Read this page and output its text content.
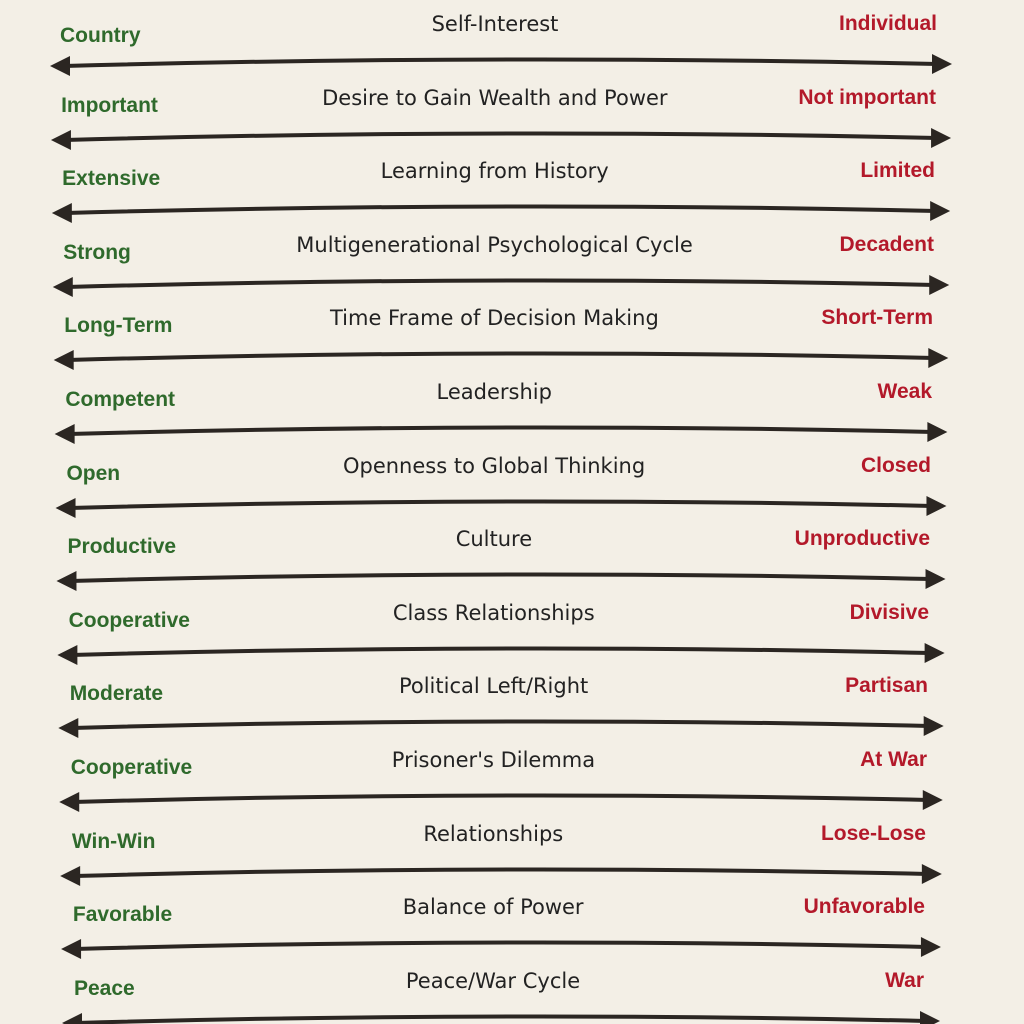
Country	Self-Interest	Individual
Important	Desire to Gain Wealth and Power	Not important
Extensive	Learning from History	Limited
Strong	Multigenerational Psychological Cycle	Decadent
Long-Term	Time Frame of Decision Making	Short-Term
Competent	Leadership	Weak
Open	Openness to Global Thinking	Closed
Productive	Culture	Unproductive
Cooperative	Class Relationships	Divisive
Moderate	Political Left/Right	Partisan
Cooperative	Prisoner's Dilemma	At War
Win-Win	Relationships	Lose-Lose
Favorable	Balance of Power	Unfavorable
Peace	Peace/War Cycle	War
